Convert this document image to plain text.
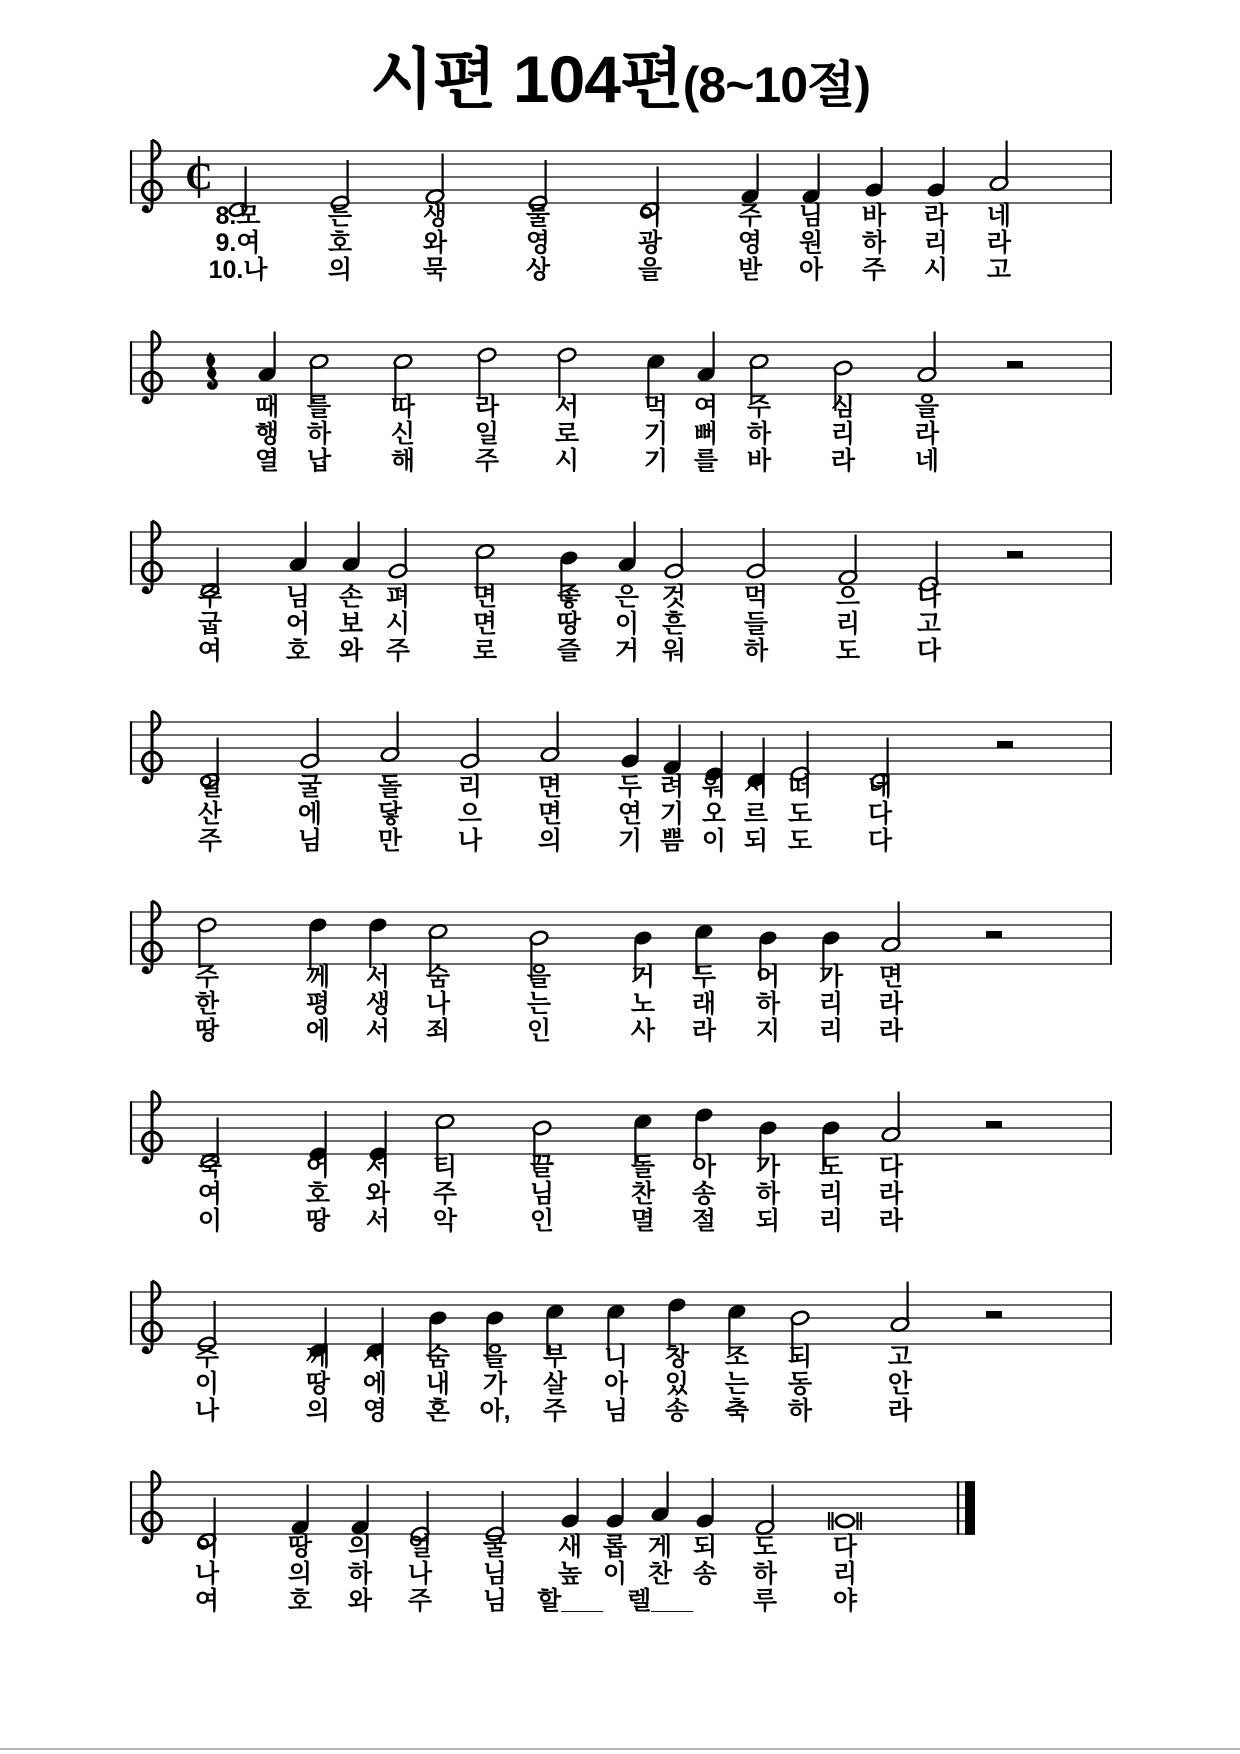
시편 104편(8~10절)
C
8.모
9.여
10.나
든
호
의
생
와
묵
물
영
상
이
광
을
주
영
받
님
원
아
바
하
주
라
리
시
네
라
고
때
행
열
를
하
납
따
신
해
라
일
주
서
로
시
먹
기
기
여
뻐
를
주
하
바
심
리
라
을
라
네
주
굽
여
님
어
호
손
보
와
펴
시
주
면
면
로
좋
땅
즐
은
이
거
것
흔
워
먹
들
하
으
리
도
나
고
다
얼
산
주
굴
에
님
돌
닿
만
리
으
나
면
면
의
두
연
기
려
기
쁨
워
오
이
서
르
되
떠
도
도
네
다
다
주
한
땅
께
평
에
서
생
서
숨
나
죄
을
는
인
거
노
사
두
래
라
어
하
지
가
리
리
면
라
라
죽
여
이
어
호
땅
서
와
서
티
주
악
끌
님
인
돌
찬
멸
아
송
절
가
하
되
도
리
리
다
라
라
주
이
나
께
땅
의
서
에
영
숨
내
혼
을
가
아,
부
살
주
니
아
님
창
있
송
조
는
축
되
동
하
고
안
라
이
나
여
땅
의
호
의
하
와
얼
나
주
굴
님
님
새
높
할___
롭
이
게
찬
렐___
되
송
도
하
루
다
리
야
